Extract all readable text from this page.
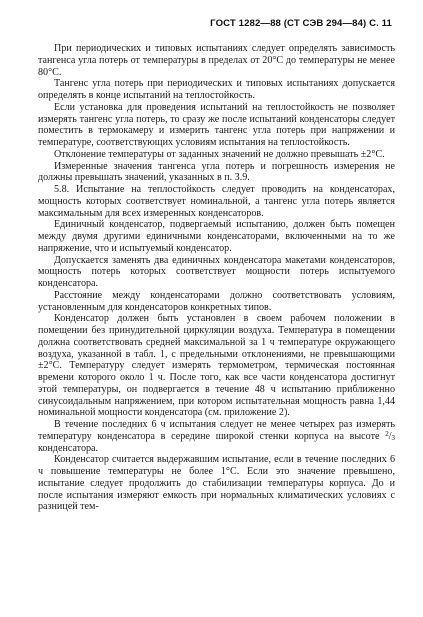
ГОСТ 1282—88 (СТ СЭВ 294—84) С. 11

При периодических и типовых испытаниях следует определять зависимость тангенса угла потерь от температуры в пределах от 20°С до температуры не менее 80°С.

Тангенс угла потерь при периодических и типовых испытаниях допускается определять в конце испытаний на теплостойкость.

Если установка для проведения испытаний на теплостойкость не позволяет измерять тангенс угла потерь, то сразу же после испытаний конденсаторы следует поместить в термокамеру и измерить тангенс угла потерь при напряжении и температуре, соответствующих условиям испытания на теплостойкость.

Отклонение температуры от заданных значений не должно превышать ±2°С.

Измеренные значения тангенса угла потерь и погрешность измерения не должны превышать значений, указанных в п. 3.9.

5.8. Испытание на теплостойкость следует проводить на конденсаторах, мощность которых соответствует номинальной, а тангенс угла потерь является максимальным для всех измеренных конденсаторов.

Единичный конденсатор, подвергаемый испытанию, должен быть помещен между двумя другими единичными конденсаторами, включенными на то же напряжение, что и испытуемый конденсатор.

Допускается заменять два единичных конденсатора макетами конденсаторов, мощность потерь которых соответствует мощности потерь испытуемого конденсатора.

Расстояние между конденсаторами должно соответствовать условиям, установленным для конденсаторов конкретных типов.

Конденсатор должен быть установлен в своем рабочем положении в помещении без принудительной циркуляции воздуха. Температура в помещении должна соответствовать средней максимальной за 1 ч температуре окружающего воздуха, указанной в табл. 1, с предельными отклонениями, не превышающими ±2°С. Температуру следует измерять термометром, термическая постоянная времени которого около 1 ч. После того, как все части конденсатора достигнут этой температуры, он подвергается в течение 48 ч испытанию приближенно синусоидальным напряжением, при котором испытательная мощность равна 1,44 номинальной мощности конденсатора (см. приложение 2).

В течение последних 6 ч испытания следует не менее четырех раз измерять температуру конденсатора в середине широкой стенки корпуса на высоте $^2/_3$ конденсатора.

Конденсатор считается выдержавшим испытание, если в течение последних 6 ч повышение температуры не более 1°С. Если это значение превышено, испытание следует продолжить до стабилизации температуры корпуса. До и после испытания измеряют емкость при нормальных климатических условиях с разницей тем-
